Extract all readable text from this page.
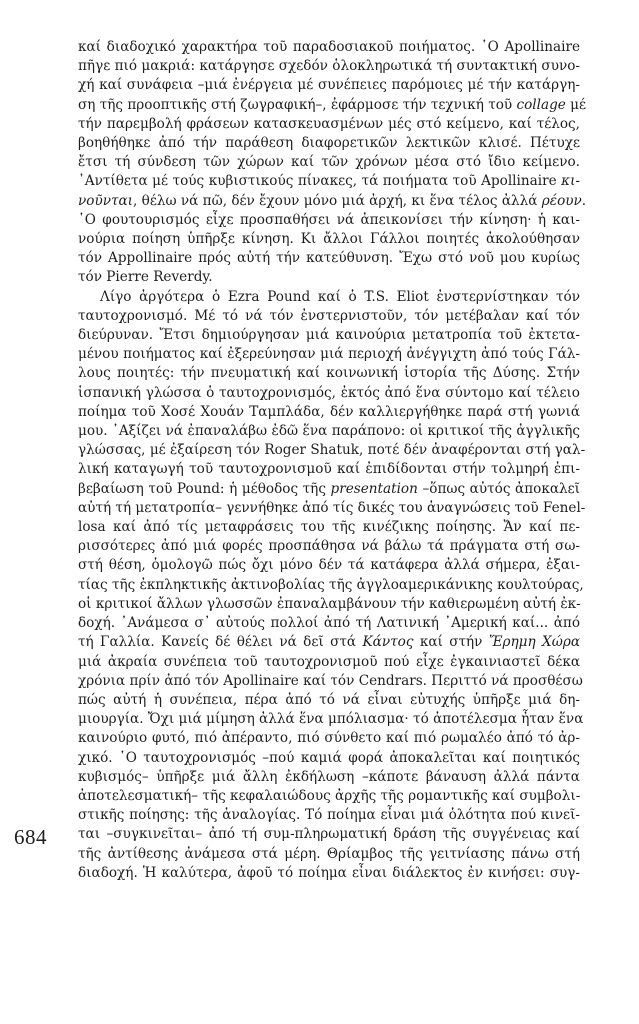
καί διαδοχικό χαρακτήρα τοῦ παραδοσιακοῦ ποιήματος. ῾Ο Apollinaire
πῆγε πιό μακριά: κατάργησε σχεδόν ὁλοκληρωτικά τή συντακτική συνο-
χή καί συνάφεια –μιά ἐνέργεια μέ συνέπειες παρόμοιες μέ τήν κατάργη-
ση τῆς προοπτικῆς στή ζωγραφική–, ἐφάρμοσε τήν τεχνική τοῦ collage μέ
τήν παρεμβολή φράσεων κατασκευασμένων μές στό κείμενο, καί τέλος,
βοηθήθηκε ἀπό τήν παράθεση διαφορετικῶν λεκτικῶν κλισέ. Πέτυχε
ἔτσι τή σύνδεση τῶν χώρων καί τῶν χρόνων μέσα στό ἴδιο κείμενο.
᾿Αντίθετα μέ τούς κυβιστικούς πίνακες, τά ποιήματα τοῦ Apollinaire κι-
νοῦνται, θέλω νά πῶ, δέν ἔχουν μόνο μιά ἀρχή, κι ἕνα τέλος ἀλλά ρέουν.
῾Ο φουτουρισμός εἶχε προσπαθήσει νά ἀπεικονίσει τήν κίνηση· ἡ και-
νούρια ποίηση ὑπῆρξε κίνηση. Κι ἄλλοι Γάλλοι ποιητές ἀκολούθησαν
τόν Appollinaire πρός αὐτή τήν κατεύθυνση. Ἔχω στό νοῦ μου κυρίως
τόν Pierre Reverdy.

Λίγο ἀργότερα ὁ Ezra Pound καί ὁ T.S. Eliot ἐνστερνίστηκαν τόν
ταυτοχρονισμό. Μέ τό νά τόν ἐνστερνιστοῦν, τόν μετέβαλαν καί τόν
διεύρυναν. Ἔτσι δημιούργησαν μιά καινούρια μετατροπία τοῦ ἐκτετα-
μένου ποιήματος καί ἐξερεύνησαν μιά περιοχή ἀνέγγιχτη ἀπό τούς Γάλ-
λους ποιητές: τήν πνευματική καί κοινωνική ἱστορία τῆς Δύσης. Στήν
ἱσπανική γλώσσα ὁ ταυτοχρονισμός, ἐκτός ἀπό ἕνα σύντομο καί τέλειο
ποίημα τοῦ Χοσέ Χουάν Ταμπλάδα, δέν καλλιεργήθηκε παρά στή γωνιά
μου. ᾿Αξίζει νά ἐπαναλάβω ἐδῶ ἕνα παράπονο: οἱ κριτικοί τῆς ἀγγλικῆς
γλώσσας, μέ ἐξαίρεση τόν Roger Shatuk, ποτέ δέν ἀναφέρονται στή γαλ-
λική καταγωγή τοῦ ταυτοχρονισμοῦ καί ἐπιδίδονται στήν τολμηρή ἐπι-
βεβαίωση τοῦ Pound: ἡ μέθοδος τῆς presentation –ὅπως αὐτός ἀποκαλεῖ
αὐτή τή μετατροπία– γεννήθηκε ἀπό τίς δικές του ἀναγνώσεις τοῦ Fenel-
losa καί ἀπό τίς μεταφράσεις του τῆς κινέζικης ποίησης. Ἄν καί πε-
ρισσότερες ἀπό μιά φορές προσπάθησα νά βάλω τά πράγματα στή σω-
στή θέση, ὁμολογῶ πώς ὄχι μόνο δέν τά κατάφερα ἀλλά σήμερα, ἐξαι-
τίας τῆς ἐκπληκτικῆς ἀκτινοβολίας τῆς ἀγγλοαμερικάνικης κουλτούρας,
οἱ κριτικοί ἄλλων γλωσσῶν ἐπαναλαμβάνουν τήν καθιερωμένη αὐτή ἐκ-
δοχή. ᾿Ανάμεσα σ᾿ αὐτούς πολλοί ἀπό τή Λατινική ᾿Αμερική καί... ἀπό
τή Γαλλία. Κανείς δέ θέλει νά δεῖ στά Κάντος καί στήν Ἔρημη Χώρα
μιά ἀκραία συνέπεια τοῦ ταυτοχρονισμοῦ πού εἶχε ἐγκαινιαστεῖ δέκα
χρόνια πρίν ἀπό τόν Apollinaire καί τόν Cendrars. Περιττό νά προσθέσω
πώς αὐτή ἡ συνέπεια, πέρα ἀπό τό νά εἶναι εὐτυχής ὑπῆρξε μιά δη-
μιουργία. Ὄχι μιά μίμηση ἀλλά ἕνα μπόλιασμα· τό ἀποτέλεσμα ἦταν ἕνα
καινούριο φυτό, πιό ἀπέραντο, πιό σύνθετο καί πιό ρωμαλέο ἀπό τό ἀρ-
χικό. ῾Ο ταυτοχρονισμός –πού καμιά φορά ἀποκαλεῖται καί ποιητικός
κυβισμός– ὑπῆρξε μιά ἄλλη ἐκδήλωση –κάποτε βάναυση ἀλλά πάντα
ἀποτελεσματική– τῆς κεφαλαιώδους ἀρχῆς τῆς ρομαντικῆς καί συμβολι-
στικῆς ποίησης: τῆς ἀναλογίας. Τό ποίημα εἶναι μιά ὁλότητα πού κινεῖ-
ται –συγκινεῖται– ἀπό τή συμ-πληρωματική δράση τῆς συγγένειας καί
τῆς ἀντίθεσης ἀνάμεσα στά μέρη. Θρίαμβος τῆς γειτνίασης πάνω στή
διαδοχή. Ἡ καλύτερα, ἀφοῦ τό ποίημα εἶναι διάλεκτος ἐν κινήσει: συγ-

684
